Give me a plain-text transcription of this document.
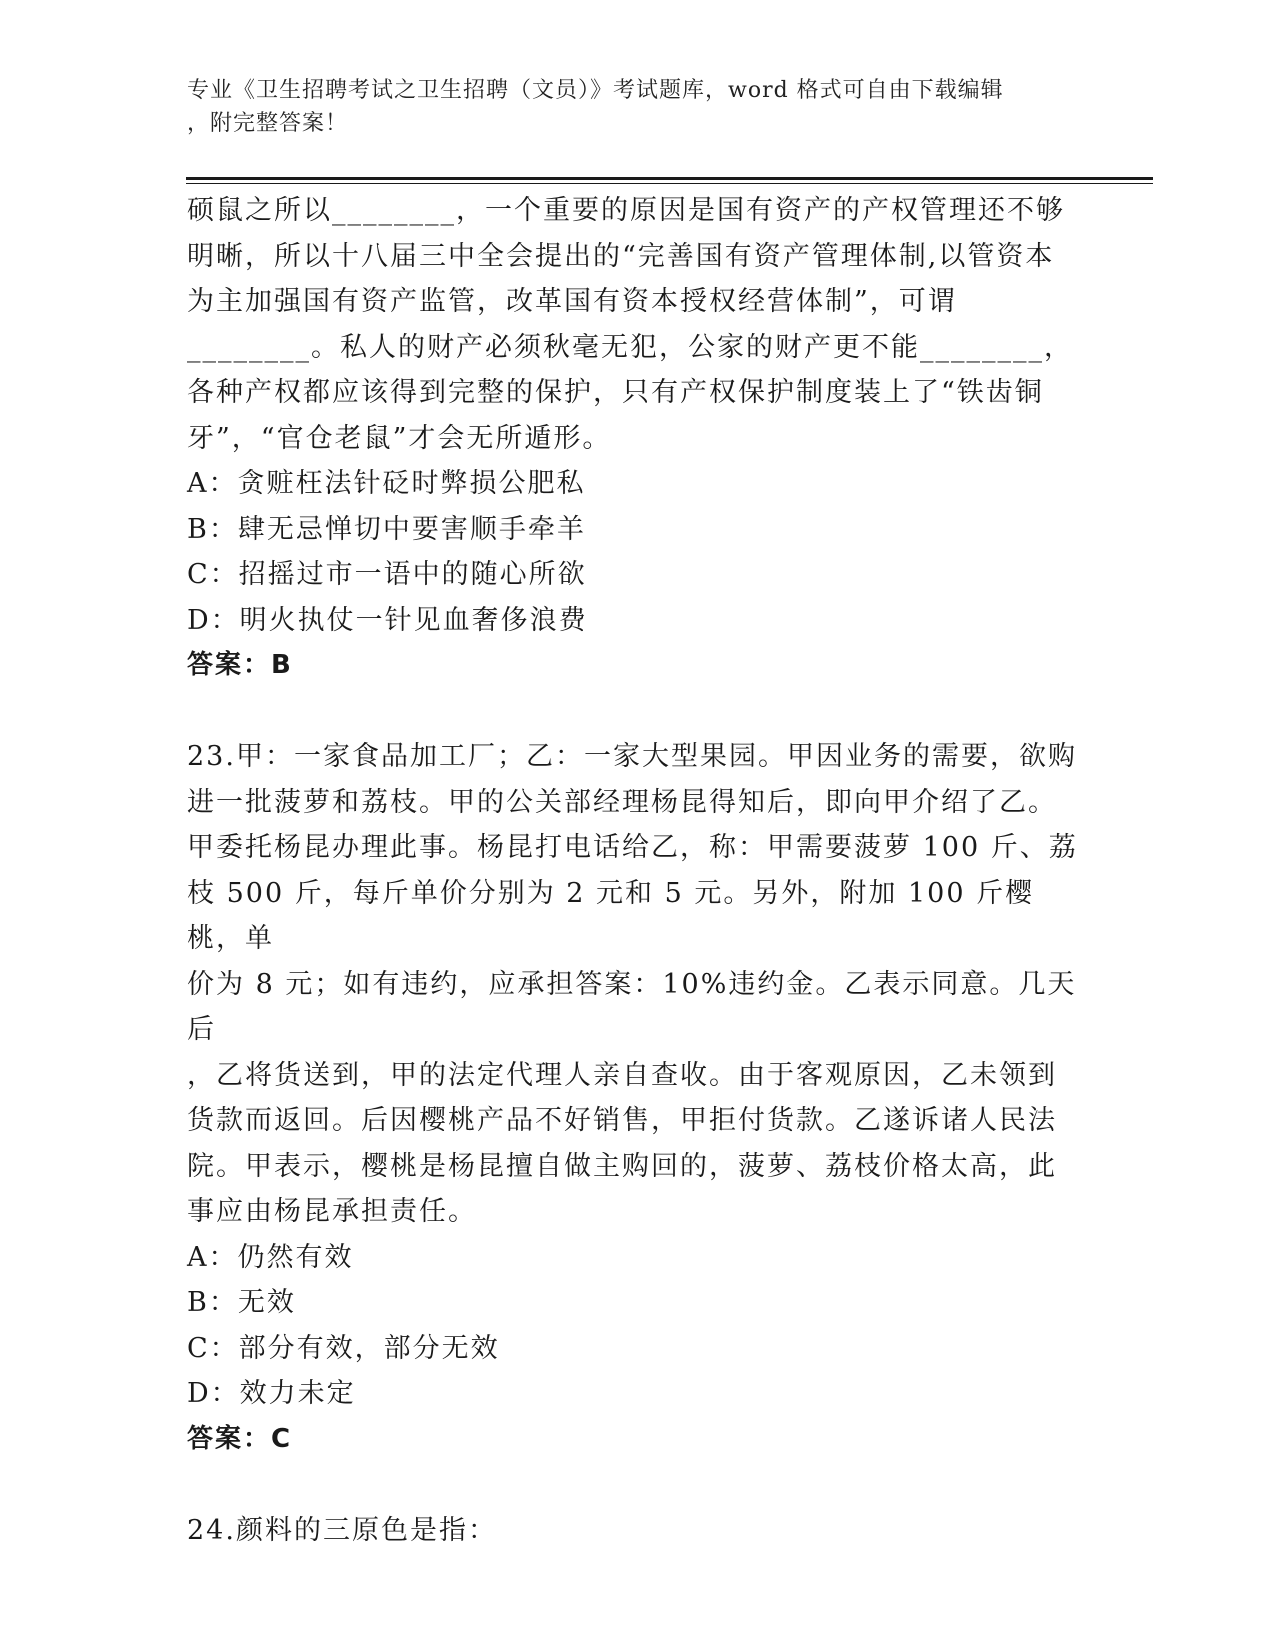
专业《卫生招聘考试之卫生招聘（文员）》考试题库，word 格式可自由下载编辑
，附完整答案！

硕鼠之所以________，一个重要的原因是国有资产的产权管理还不够

明晰，所以十八届三中全会提出的“完善国有资产管理体制,以管资本

为主加强国有资产监管，改革国有资本授权经营体制”，可谓

________。私人的财产必须秋毫无犯，公家的财产更不能________，

各种产权都应该得到完整的保护，只有产权保护制度装上了“铁齿铜

牙”，“官仓老鼠”才会无所遁形。

A：贪赃枉法针砭时弊损公肥私

B：肆无忌惮切中要害顺手牵羊

C：招摇过市一语中的随心所欲

D：明火执仗一针见血奢侈浪费

答案：B

23.甲：一家食品加工厂；乙：一家大型果园。甲因业务的需要，欲购

进一批菠萝和荔枝。甲的公关部经理杨昆得知后，即向甲介绍了乙。

甲委托杨昆办理此事。杨昆打电话给乙，称：甲需要菠萝 100 斤、荔

枝 500 斤，每斤单价分别为 2 元和 5 元。另外，附加 100 斤樱桃，单

价为 8 元；如有违约，应承担答案：10%违约金。乙表示同意。几天后

，乙将货送到，甲的法定代理人亲自查收。由于客观原因，乙未领到

货款而返回。后因樱桃产品不好销售，甲拒付货款。乙遂诉诸人民法

院。甲表示，樱桃是杨昆擅自做主购回的，菠萝、荔枝价格太高，此

事应由杨昆承担责任。

A：仍然有效

B：无效

C：部分有效，部分无效

D：效力未定

答案：C

24.颜料的三原色是指：
